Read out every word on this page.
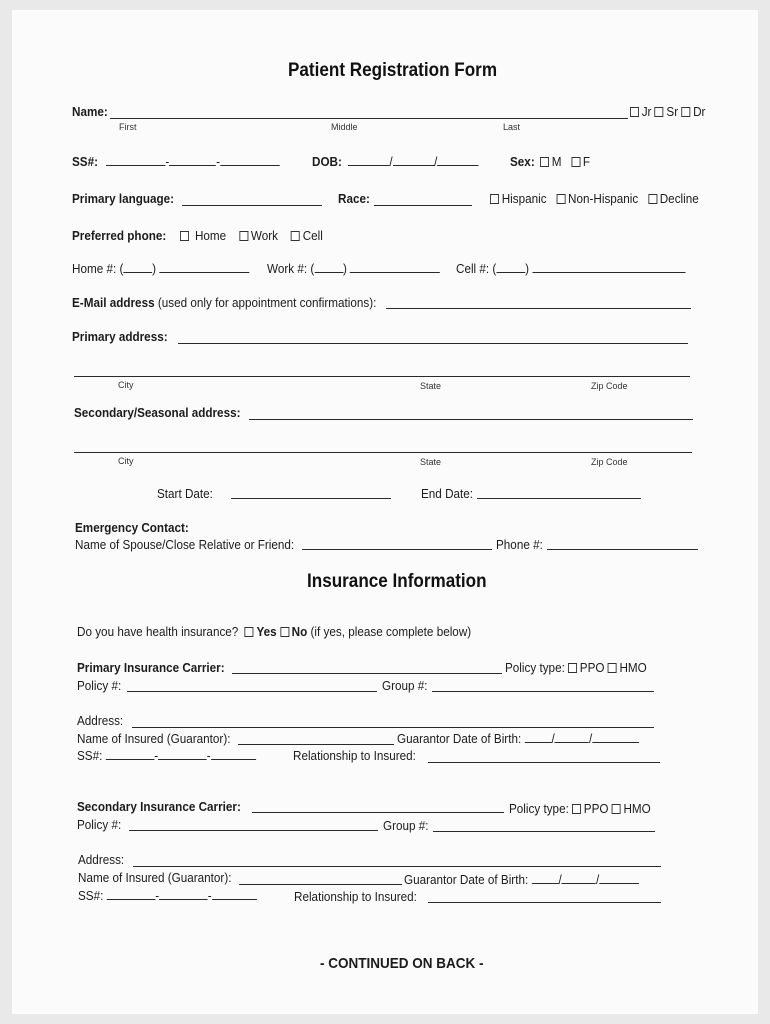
Patient Registration Form
Name:	Jr Sr Dr
First	Middle	Last
SS#:	-	-	DOB:	/	/	Sex:	M F
Primary language:	Race:	Hispanic Non-Hispanic Decline
Preferred phone:	Home Work Cell
Home #: ( )	Work #: ( )	Cell #: ( )
E-Mail address (used only for appointment confirmations):
Primary address:
City	State	Zip Code
Secondary/Seasonal address:
City	State	Zip Code
Start Date:	End Date:
Emergency Contact:
Name of Spouse/Close Relative or Friend:	Phone #:
Insurance Information
Do you have health insurance? Yes No (if yes, please complete below)
Primary Insurance Carrier:	Policy type: PPO HMO
Policy #:	Group #:
Address:
Name of Insured (Guarantor):	Guarantor Date of Birth: /	/
SS#:	-	-	Relationship to Insured:
Secondary Insurance Carrier:	Policy type: PPO HMO
Policy #:	Group #:
Address:
Name of Insured (Guarantor):	Guarantor Date of Birth: /	/
SS#:	-	-	Relationship to Insured:
- CONTINUED ON BACK -
